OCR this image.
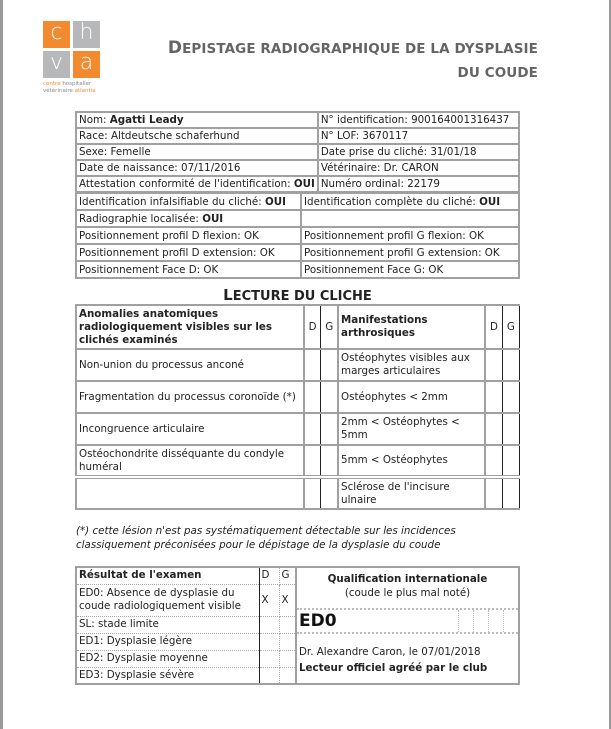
c h
v a
centre hospitalier
vétérinaire atlantia
DEPISTAGE RADIOGRAPHIQUE DE LA DYSPLASIE
DU COUDE
Nom: Agatti Leady	N° identification: 900164001316437
Race: Altdeutsche schaferhund	N° LOF: 3670117
Sexe: Femelle	Date prise du cliché: 31/01/18
Date de naissance: 07/11/2016	Vétérinaire: Dr. CARON
Attestation conformité de l'identification: OUI	Numéro ordinal: 22179
Identification infalsifiable du cliché: OUI	Identification complète du cliché: OUI
Radiographie localisée: OUI	
Positionnement profil D flexion: OK	Positionnement profil G flexion: OK
Positionnement profil D extension: OK	Positionnement profil G extension: OK
Positionnement Face D: OK	Positionnement Face G: OK
LECTURE DU CLICHE
Anomalies anatomiques radiologiquement visibles sur les clichés examinés	D	G	Manifestations arthrosiques	D	G
Non-union du processus anconé			Ostéophytes visibles aux marges articulaires		
Fragmentation du processus coronoïde (*)			Ostéophytes < 2mm		
Incongruence articulaire			2mm < Ostéophytes < 5mm		
Ostéochondrite disséquante du condyle huméral			5mm < Ostéophytes		
			Sclérose de l'incisure ulnaire		
(*) cette lésion n'est pas systématiquement détectable sur les incidences
classiquement préconisées pour le dépistage de la dysplasie du coude
Résultat de l'examen	D	G	Qualification internationale
(coude le plus mal noté)
ED0
Dr. Alexandre Caron, le 07/01/2018
Lecteur officiel agréé par le club

ED0: Absence de dysplasie du coude radiologiquement visible	X	X	
SL: stade limite			
ED1: Dysplasie légère			
ED2: Dysplasie moyenne			
ED3: Dysplasie sévère			
